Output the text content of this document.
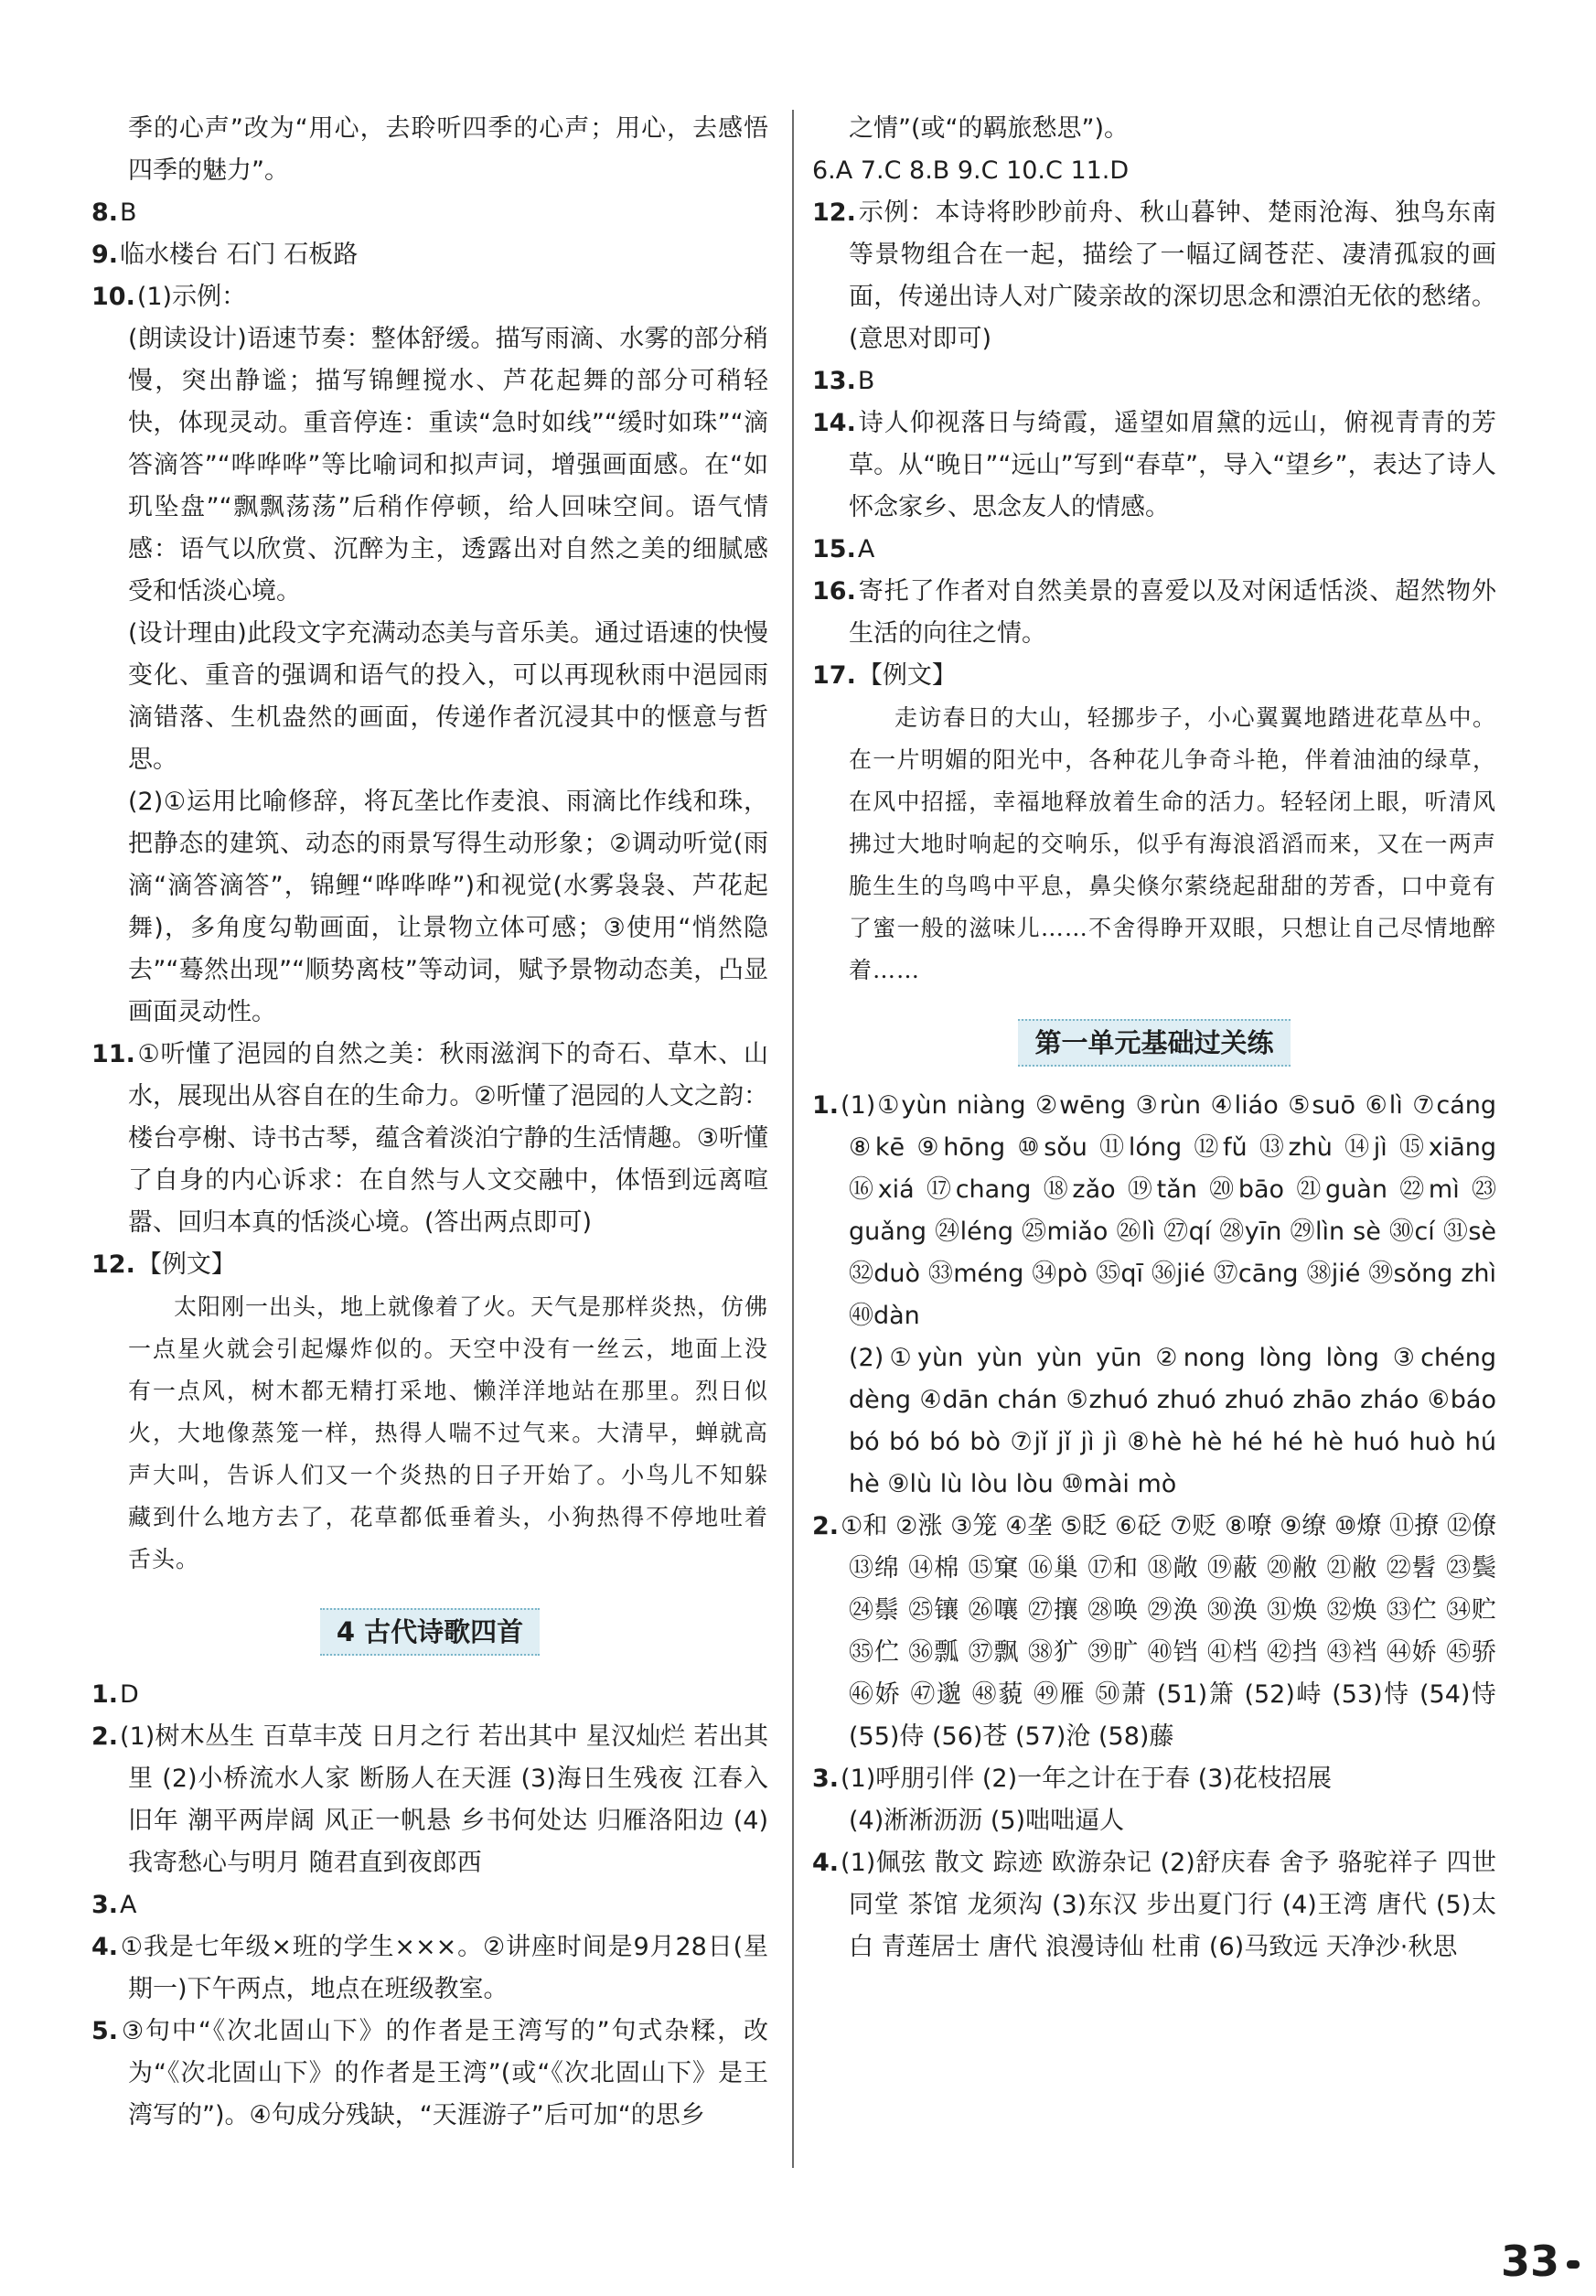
季的心声”改为“用心，去聆听四季的心声；用心，去感悟四季的魅力”。

8.B

9.临水楼台 石门 石板路

10.(1)示例：

(朗读设计)语速节奏：整体舒缓。描写雨滴、水雾的部分稍慢，突出静谧；描写锦鲤搅水、芦花起舞的部分可稍轻快，体现灵动。重音停连：重读“急时如线”“缓时如珠”“滴答滴答”“哗哗哗”等比喻词和拟声词，增强画面感。在“如玑坠盘”“飘飘荡荡”后稍作停顿，给人回味空间。语气情感：语气以欣赏、沉醉为主，透露出对自然之美的细腻感受和恬淡心境。

(设计理由)此段文字充满动态美与音乐美。通过语速的快慢变化、重音的强调和语气的投入，可以再现秋雨中浥园雨滴错落、生机盎然的画面，传递作者沉浸其中的惬意与哲思。

(2)①运用比喻修辞，将瓦垄比作麦浪、雨滴比作线和珠，把静态的建筑、动态的雨景写得生动形象；②调动听觉(雨滴“滴答滴答”，锦鲤“哗哗哗”)和视觉(水雾袅袅、芦花起舞)，多角度勾勒画面，让景物立体可感；③使用“悄然隐去”“蓦然出现”“顺势离枝”等动词，赋予景物动态美，凸显画面灵动性。

11.①听懂了浥园的自然之美：秋雨滋润下的奇石、草木、山水，展现出从容自在的生命力。②听懂了浥园的人文之韵：楼台亭榭、诗书古琴，蕴含着淡泊宁静的生活情趣。③听懂了自身的内心诉求：在自然与人文交融中，体悟到远离喧嚣、回归本真的恬淡心境。(答出两点即可)

12.【例文】

太阳刚一出头，地上就像着了火。天气是那样炎热，仿佛一点星火就会引起爆炸似的。天空中没有一丝云，地面上没有一点风，树木都无精打采地、懒洋洋地站在那里。烈日似火，大地像蒸笼一样，热得人喘不过气来。大清早，蝉就高声大叫，告诉人们又一个炎热的日子开始了。小鸟儿不知躲藏到什么地方去了，花草都低垂着头，小狗热得不停地吐着舌头。

4 古代诗歌四首

1.D

2.(1)树木丛生 百草丰茂 日月之行 若出其中 星汉灿烂 若出其里 (2)小桥流水人家 断肠人在天涯 (3)海日生残夜 江春入旧年 潮平两岸阔 风正一帆悬 乡书何处达 归雁洛阳边 (4)我寄愁心与明月 随君直到夜郎西

3.A

4.①我是七年级×班的学生×××。②讲座时间是9月28日(星期一)下午两点，地点在班级教室。

5.③句中“《次北固山下》的作者是王湾写的”句式杂糅，改为“《次北固山下》的作者是王湾”(或“《次北固山下》是王湾写的”)。④句成分残缺，“天涯游子”后可加“的思乡

之情”(或“的羁旅愁思”)。

6.A 7.C 8.B 9.C 10.C 11.D

12.示例：本诗将眇眇前舟、秋山暮钟、楚雨沧海、独鸟东南等景物组合在一起，描绘了一幅辽阔苍茫、凄清孤寂的画面，传递出诗人对广陵亲故的深切思念和漂泊无依的愁绪。(意思对即可)

13.B

14.诗人仰视落日与绮霞，遥望如眉黛的远山，俯视青青的芳草。从“晚日”“远山”写到“春草”，导入“望乡”，表达了诗人怀念家乡、思念友人的情感。

15.A

16.寄托了作者对自然美景的喜爱以及对闲适恬淡、超然物外生活的向往之情。

17.【例文】

走访春日的大山，轻挪步子，小心翼翼地踏进花草丛中。在一片明媚的阳光中，各种花儿争奇斗艳，伴着油油的绿草，在风中招摇，幸福地释放着生命的活力。轻轻闭上眼，听清风拂过大地时响起的交响乐，似乎有海浪滔滔而来，又在一两声脆生生的鸟鸣中平息，鼻尖倏尔萦绕起甜甜的芳香，口中竟有了蜜一般的滋味儿……不舍得睁开双眼，只想让自己尽情地醉着……

第一单元基础过关练

1.(1)①yùn niàng ②wēng ③rùn ④liáo ⑤suō ⑥lì ⑦cáng ⑧kē ⑨hōng ⑩sǒu ⑪lóng ⑫fǔ ⑬zhù ⑭jì ⑮xiāng ⑯xiá ⑰chang ⑱zǎo ⑲tǎn ⑳bāo ㉑guàn ㉒mì ㉓guǎng ㉔léng ㉕miǎo ㉖lì ㉗qí ㉘yīn ㉙lìn sè ㉚cí ㉛sè ㉜duò ㉝méng ㉞pò ㉟qī ㊱jié ㊲cāng ㊳jié ㊴sǒng zhì ㊵dàn

(2)①yùn yùn yùn yūn ②nong lòng lòng ③chéng dèng ④dān chán ⑤zhuó zhuó zhuó zhāo zháo ⑥báo bó bó bó bò ⑦jǐ jǐ jì jì ⑧hè hè hé hé hè huó huò hú hè ⑨lù lù lòu lòu ⑩mài mò

2.①和 ②涨 ③笼 ④垄 ⑤眨 ⑥砭 ⑦贬 ⑧嘹 ⑨缭 ⑩燎 ⑪撩 ⑫僚 ⑬绵 ⑭棉 ⑮窠 ⑯巢 ⑰和 ⑱敞 ⑲蔽 ⑳敝 ㉑敝 ㉒髫 ㉓鬓 ㉔鬃 ㉕镶 ㉖嚷 ㉗攘 ㉘唤 ㉙涣 ㉚涣 ㉛焕 ㉜焕 ㉝伫 ㉞贮 ㉟伫 ㊱瓢 ㊲飘 ㊳犷 ㊴旷 ㊵铛 ㊶档 ㊷挡 ㊸裆 ㊹娇 ㊺骄 ㊻娇 ㊼邈 ㊽藐 ㊾雁 ㊿萧 (51)箫 (52)峙 (53)恃 (54)恃 (55)侍 (56)苍 (57)沧 (58)藤

3.(1)呼朋引伴 (2)一年之计在于春 (3)花枝招展

(4)淅淅沥沥 (5)咄咄逼人

4.(1)佩弦 散文 踪迹 欧游杂记 (2)舒庆春 舍予 骆驼祥子 四世同堂 茶馆 龙须沟 (3)东汉 步出夏门行 (4)王湾 唐代 (5)太白 青莲居士 唐代 浪漫诗仙 杜甫 (6)马致远 天净沙·秋思

33
